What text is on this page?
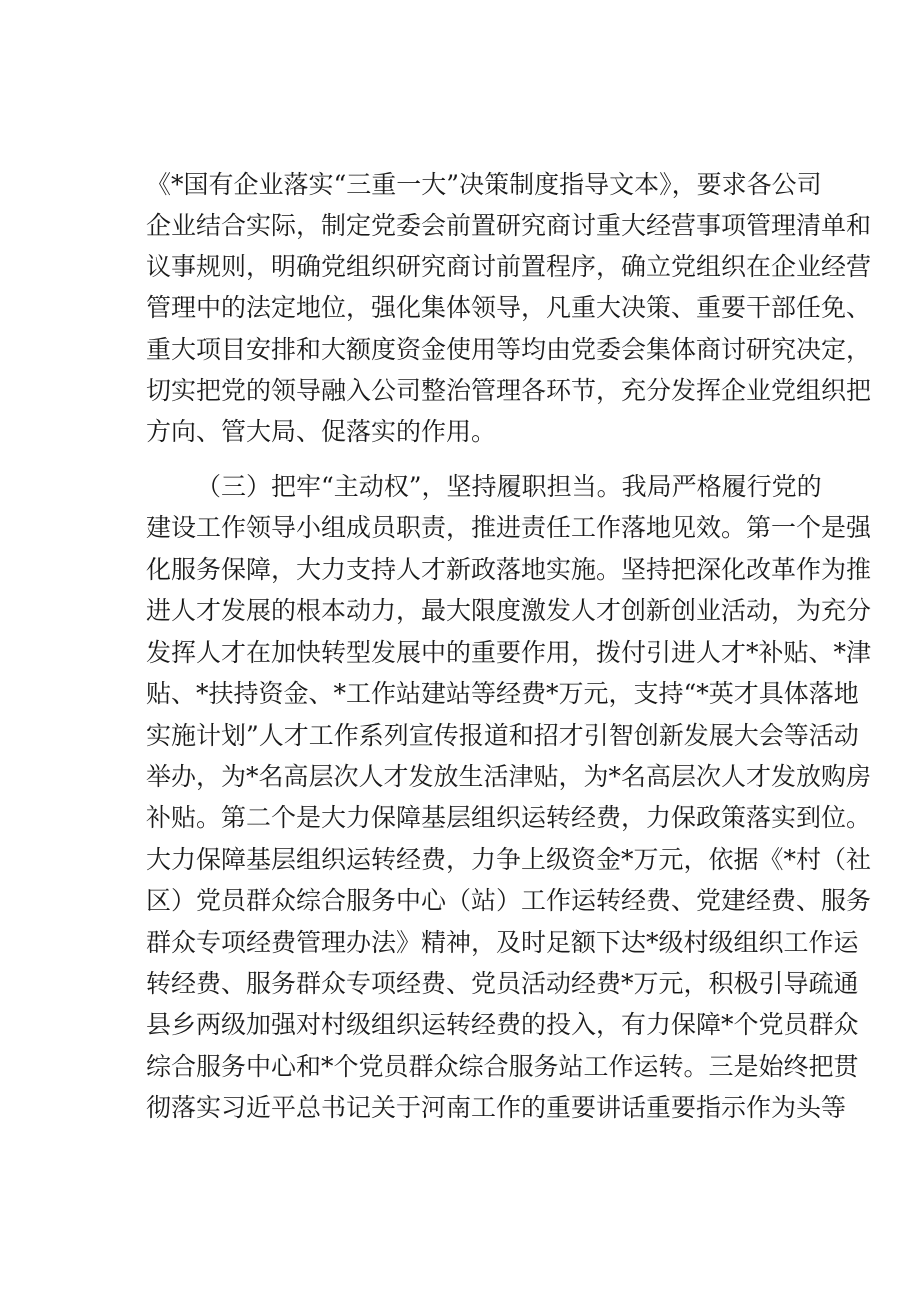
《*国有企业落实“三重一大”决策制度指导文本》，要求各公司
企业结合实际，制定党委会前置研究商讨重大经营事项管理清单和
议事规则，明确党组织研究商讨前置程序，确立党组织在企业经营
管理中的法定地位，强化集体领导，凡重大决策、重要干部任免、
重大项目安排和大额度资金使用等均由党委会集体商讨研究决定，
切实把党的领导融入公司整治管理各环节，充分发挥企业党组织把
方向、管大局、促落实的作用。
（三）把牢“主动权”，坚持履职担当。我局严格履行党的
建设工作领导小组成员职责，推进责任工作落地见效。第一个是强
化服务保障，大力支持人才新政落地实施。坚持把深化改革作为推
进人才发展的根本动力，最大限度激发人才创新创业活动，为充分
发挥人才在加快转型发展中的重要作用，拨付引进人才*补贴、*津
贴、*扶持资金、*工作站建站等经费*万元，支持“*英才具体落地
实施计划”人才工作系列宣传报道和招才引智创新发展大会等活动
举办，为*名高层次人才发放生活津贴，为*名高层次人才发放购房
补贴。第二个是大力保障基层组织运转经费，力保政策落实到位。
大力保障基层组织运转经费，力争上级资金*万元，依据《*村（社
区）党员群众综合服务中心（站）工作运转经费、党建经费、服务
群众专项经费管理办法》精神，及时足额下达*级村级组织工作运
转经费、服务群众专项经费、党员活动经费*万元，积极引导疏通
县乡两级加强对村级组织运转经费的投入，有力保障*个党员群众
综合服务中心和*个党员群众综合服务站工作运转。三是始终把贯
彻落实习近平总书记关于河南工作的重要讲话重要指示作为头等
